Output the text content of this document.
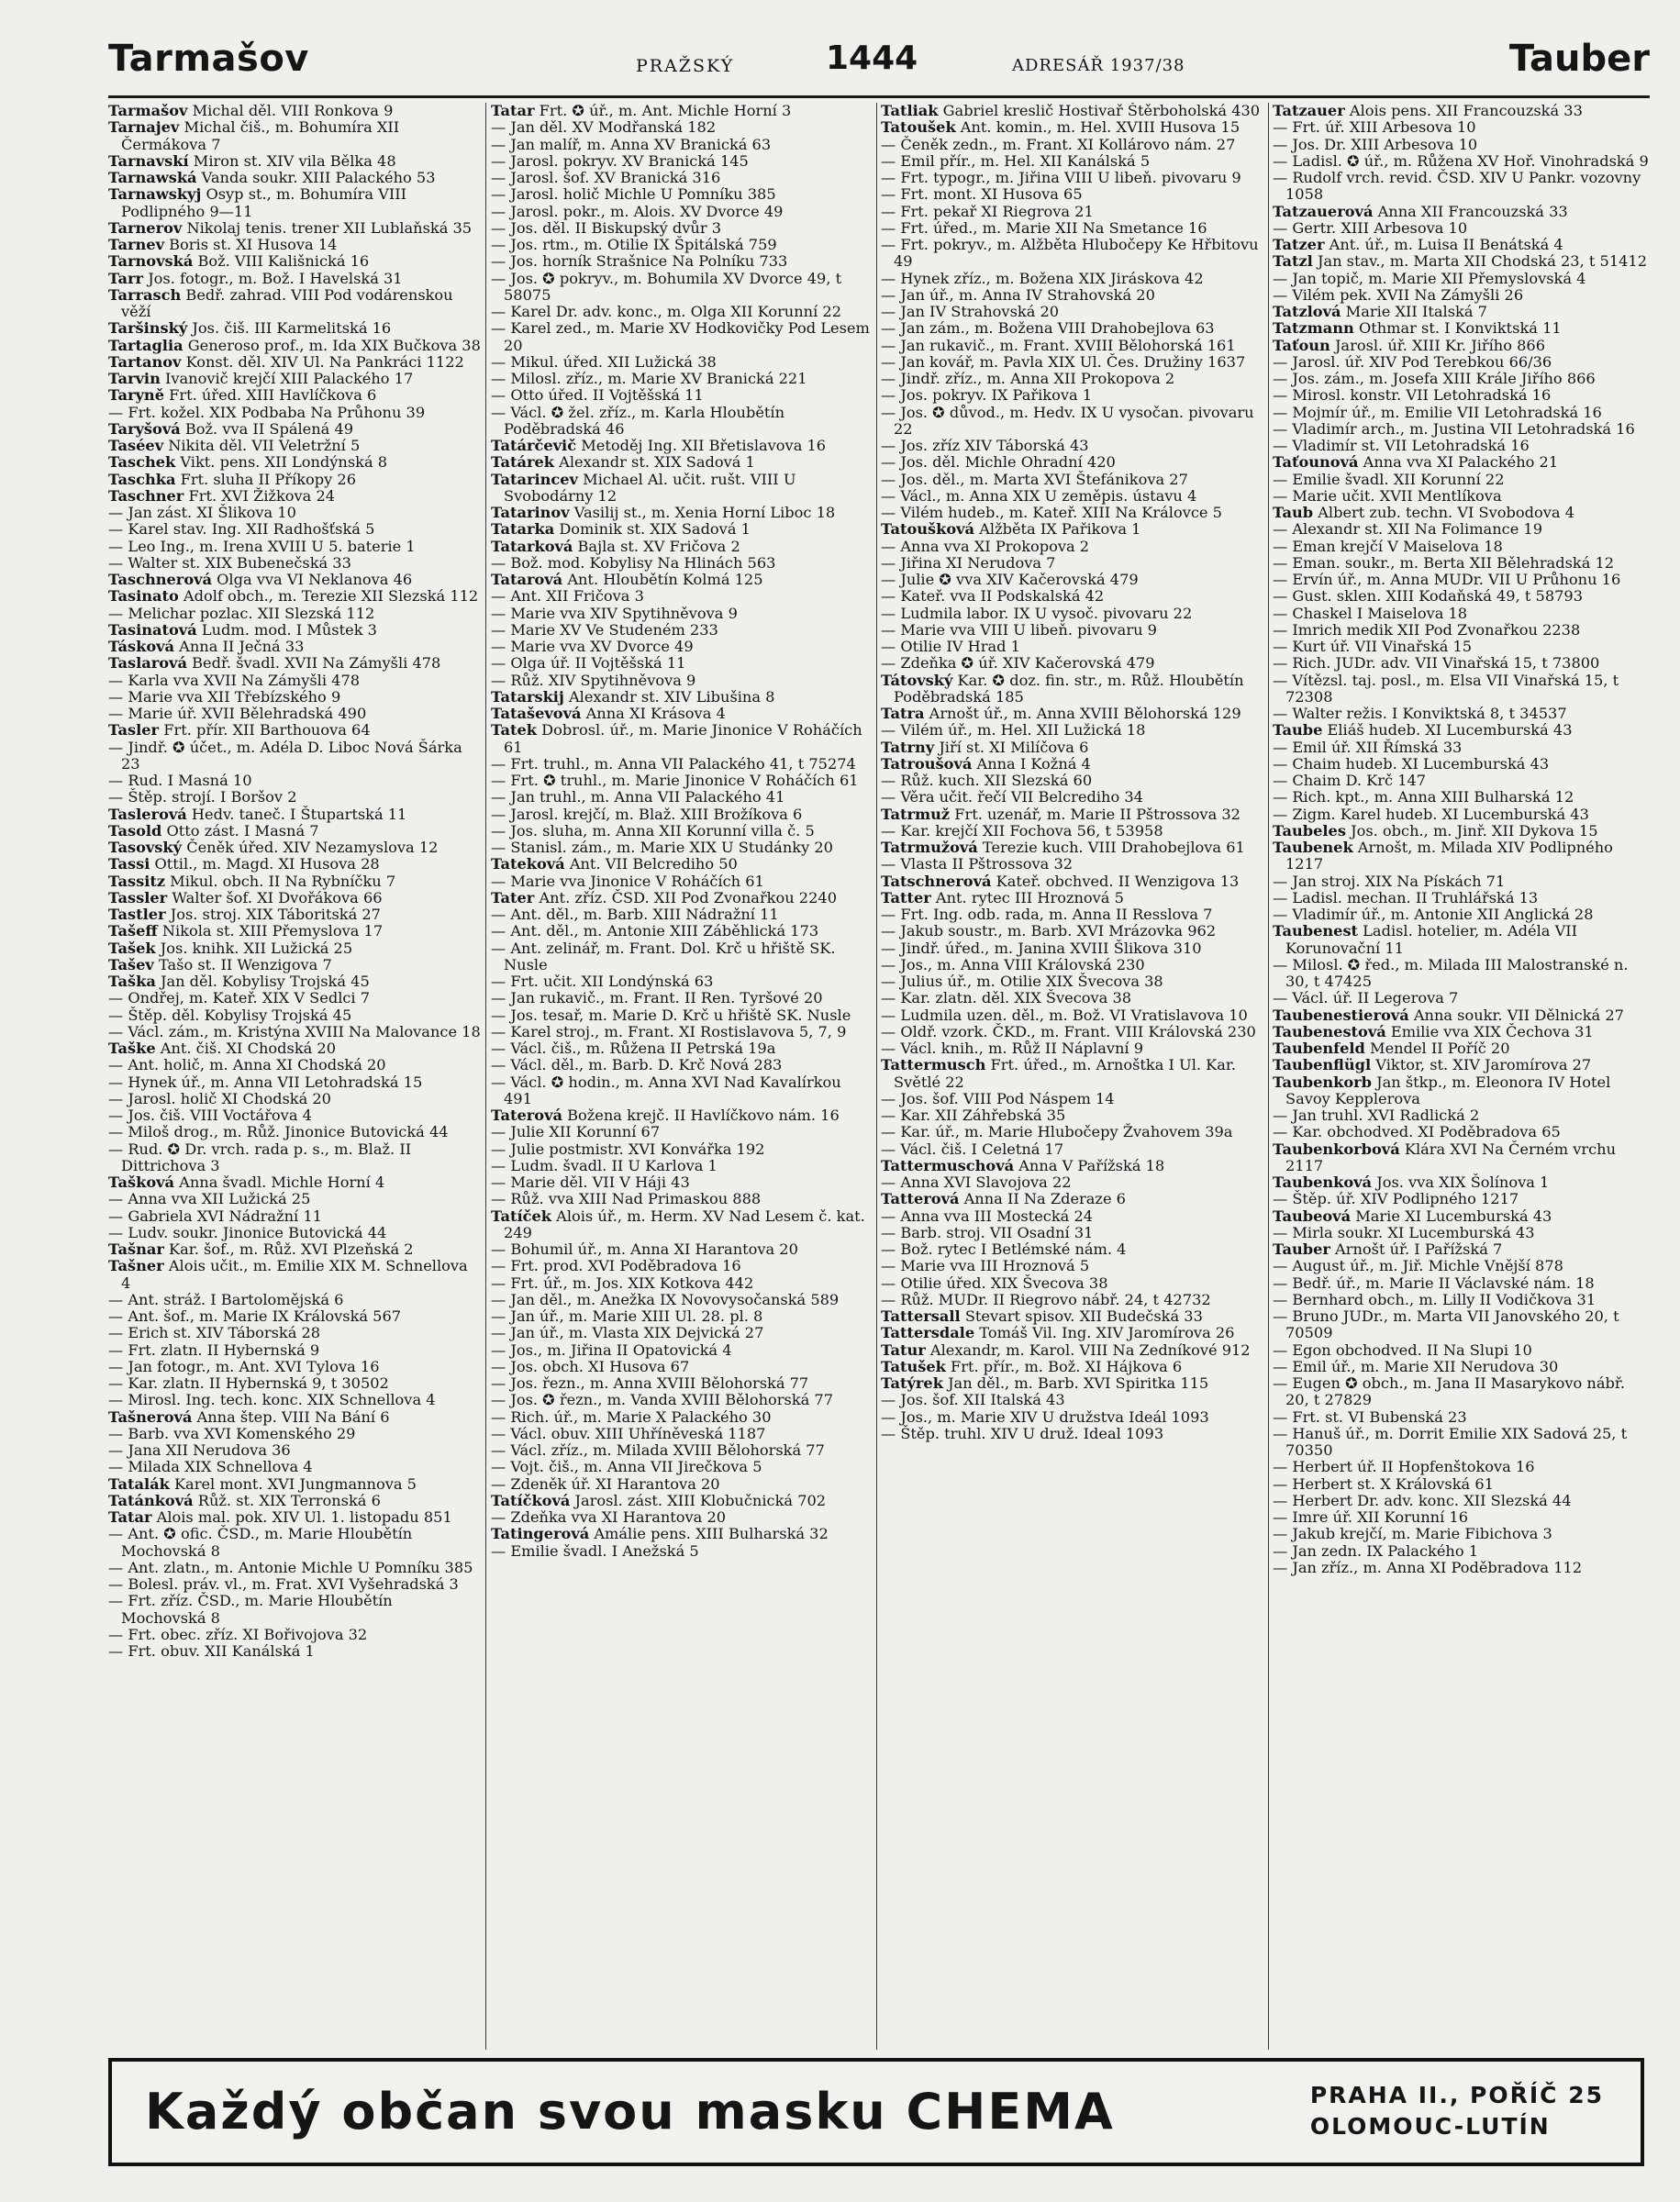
Tarmašov	PRAŽSKÝ	1444	ADRESÁŘ 1937/38	Tauber

Tarmašov Michal děl. VIII Ronkova 9

Tarnajev Michal čiš., m. Bohumíra XII Čermákova 7

Tarnavskí Miron st. XIV vila Bělka 48

Tarnawská Vanda soukr. XIII Palackého 53

Tarnawskyj Osyp st., m. Bohumíra VIII Podlipného 9—11

Tarnerov Nikolaj tenis. trener XII Lublaňská 35

Tarnev Boris st. XI Husova 14

Tarnovská Bož. VIII Kališnická 16

Tarr Jos. fotogr., m. Bož. I Havelská 31

Tarrasch Bedř. zahrad. VIII Pod vodárenskou věží

Taršinský Jos. čiš. III Karmelitská 16

Tartaglia Generoso prof., m. Ida XIX Bučkova 38

Tartanov Konst. děl. XIV Ul. Na Pankráci 1122

Tarvin Ivanovič krejčí XIII Palackého 17

Taryně Frt. úřed. XIII Havlíčkova 6

— Frt. kožel. XIX Podbaba Na Průhonu 39

Taryšová Bož. vva II Spálená 49

Taséev Nikita děl. VII Veletržní 5

Taschek Vikt. pens. XII Londýnská 8

Taschka Frt. sluha II Příkopy 26

Taschner Frt. XVI Žižkova 24

— Jan zást. XI Šlikova 10

— Karel stav. Ing. XII Radhošťská 5

— Leo Ing., m. Irena XVIII U 5. baterie 1

— Walter st. XIX Bubenečská 33

Taschnerová Olga vva VI Neklanova 46

Tasinato Adolf obch., m. Terezie XII Slezská 112

— Melichar pozlac. XII Slezská 112

Tasinatová Ludm. mod. I Můstek 3

Tásková Anna II Ječná 33

Taslarová Bedř. švadl. XVII Na Zámyšli 478

— Karla vva XVII Na Zámyšli 478

— Marie vva XII Třebízského 9

— Marie úř. XVII Bělehradská 490

Tasler Frt. přír. XII Barthouova 64

— Jindř. ✪ účet., m. Adéla D. Liboc Nová Šárka 23

— Rud. I Masná 10

— Štěp. strojí. I Boršov 2

Taslerová Hedv. taneč. I Štupartská 11

Tasold Otto zást. I Masná 7

Tasovský Čeněk úřed. XIV Nezamyslova 12

Tassi Ottil., m. Magd. XI Husova 28

Tassitz Mikul. obch. II Na Rybníčku 7

Tassler Walter šof. XI Dvořákova 66

Tastler Jos. stroj. XIX Táboritská 27

Tašeff Nikola st. XIII Přemyslova 17

Tašek Jos. knihk. XII Lužická 25

Tašev Tašo st. II Wenzigova 7

Taška Jan děl. Kobylisy Trojská 45

— Ondřej, m. Kateř. XIX V Sedlci 7

— Štěp. děl. Kobylisy Trojská 45

— Václ. zám., m. Kristýna XVIII Na Malovance 18

Taške Ant. čiš. XI Chodská 20

— Ant. holič, m. Anna XI Chodská 20

— Hynek úř., m. Anna VII Letohradská 15

— Jarosl. holič XI Chodská 20

— Jos. čiš. VIII Voctářova 4

— Miloš drog., m. Růž. Jinonice Butovická 44

— Rud. ✪ Dr. vrch. rada p. s., m. Blaž. II Dittrichova 3

Tašková Anna švadl. Michle Horní 4

— Anna vva XII Lužická 25

— Gabriela XVI Nádražní 11

— Ludv. soukr. Jinonice Butovická 44

Tašnar Kar. šof., m. Růž. XVI Plzeňská 2

Tašner Alois učit., m. Emilie XIX M. Schnellova 4

— Ant. stráž. I Bartolomějská 6

— Ant. šof., m. Marie IX Královská 567

— Erich st. XIV Táborská 28

— Frt. zlatn. II Hybernská 9

— Jan fotogr., m. Ant. XVI Tylova 16

— Kar. zlatn. II Hybernská 9, t 30502

— Mirosl. Ing. tech. konc. XIX Schnellova 4

Tašnerová Anna štep. VIII Na Bání 6

— Barb. vva XVI Komenského 29

— Jana XII Nerudova 36

— Milada XIX Schnellova 4

Tatalák Karel mont. XVI Jungmannova 5

Tatánková Růž. st. XIX Terronská 6

Tatar Alois mal. pok. XIV Ul. 1. listopadu 851

— Ant. ✪ ofic. ČSD., m. Marie Hloubětín Mochovská 8

— Ant. zlatn., m. Antonie Michle U Pomníku 385

— Bolesl. práv. vl., m. Frat. XVI Vyšehradská 3

— Frt. zříz. ČSD., m. Marie Hloubětín Mochovská 8

— Frt. obec. zříz. XI Bořivojova 32

— Frt. obuv. XII Kanálská 1

Tatar Frt. ✪ úř., m. Ant. Michle Horní 3

— Jan děl. XV Modřanská 182

— Jan malíř, m. Anna XV Branická 63

— Jarosl. pokryv. XV Branická 145

— Jarosl. šof. XV Branická 316

— Jarosl. holič Michle U Pomníku 385

— Jarosl. pokr., m. Alois. XV Dvorce 49

— Jos. děl. II Biskupský dvůr 3

— Jos. rtm., m. Otilie IX Špitálská 759

— Jos. horník Strašnice Na Polníku 733

— Jos. ✪ pokryv., m. Bohumila XV Dvorce 49, t 58075

— Karel Dr. adv. konc., m. Olga XII Korunní 22

— Karel zed., m. Marie XV Hodkovičky Pod Lesem 20

— Mikul. úřed. XII Lužická 38

— Milosl. zříz., m. Marie XV Branická 221

— Otto úřed. II Vojtěšská 11

— Václ. ✪ žel. zříz., m. Karla Hloubětín Poděbradská 46

Tatárčevič Metoděj Ing. XII Břetislavova 16

Tatárek Alexandr st. XIX Sadová 1

Tatarincev Michael Al. učit. rušt. VIII U Svobodárny 12

Tatarinov Vasilij st., m. Xenia Horní Liboc 18

Tatarka Dominik st. XIX Sadová 1

Tatarková Bajla st. XV Fričova 2

— Bož. mod. Kobylisy Na Hlinách 563

Tatarová Ant. Hloubětín Kolmá 125

— Ant. XII Fričova 3

— Marie vva XIV Spytihněvova 9

— Marie XV Ve Studeném 233

— Marie vva XV Dvorce 49

— Olga úř. II Vojtěšská 11

— Růž. XIV Spytihněvova 9

Tatarskij Alexandr st. XIV Libušina 8

Tataševová Anna XI Krásova 4

Tatek Dobrosl. úř., m. Marie Jinonice V Roháčích 61

— Frt. truhl., m. Anna VII Palackého 41, t 75274

— Frt. ✪ truhl., m. Marie Jinonice V Roháčích 61

— Jan truhl., m. Anna VII Palackého 41

— Jarosl. krejčí, m. Blaž. XIII Brožíkova 6

— Jos. sluha, m. Anna XII Korunní villa č. 5

— Stanisl. zám., m. Marie XIX U Studánky 20

Tateková Ant. VII Belcrediho 50

— Marie vva Jinonice V Roháčích 61

Tater Ant. zříz. ČSD. XII Pod Zvonařkou 2240

— Ant. děl., m. Barb. XIII Nádražní 11

— Ant. děl., m. Antonie XIII Záběhlická 173

— Ant. zelinář, m. Frant. Dol. Krč u hřiště SK. Nusle

— Frt. učit. XII Londýnská 63

— Jan rukavič., m. Frant. II Ren. Tyršové 20

— Jos. tesař, m. Marie D. Krč u hřiště SK. Nusle

— Karel stroj., m. Frant. XI Rostislavova 5, 7, 9

— Václ. čiš., m. Růžena II Petrská 19a

— Václ. děl., m. Barb. D. Krč Nová 283

— Václ. ✪ hodin., m. Anna XVI Nad Kavalírkou 491

Taterová Božena krejč. II Havlíčkovo nám. 16

— Julie XII Korunní 67

— Julie postmistr. XVI Konvářka 192

— Ludm. švadl. II U Karlova 1

— Marie děl. VII V Háji 43

— Růž. vva XIII Nad Primaskou 888

Tatíček Alois úř., m. Herm. XV Nad Lesem č. kat. 249

— Bohumil úř., m. Anna XI Harantova 20

— Frt. prod. XVI Poděbradova 16

— Frt. úř., m. Jos. XIX Kotkova 442

— Jan děl., m. Anežka IX Novovysočanská 589

— Jan úř., m. Marie XIII Ul. 28. pl. 8

— Jan úř., m. Vlasta XIX Dejvická 27

— Jos., m. Jiřina II Opatovická 4

— Jos. obch. XI Husova 67

— Jos. řezn., m. Anna XVIII Bělohorská 77

— Jos. ✪ řezn., m. Vanda XVIII Bělohorská 77

— Rich. úř., m. Marie X Palackého 30

— Václ. obuv. XIII Uhříněveská 1187

— Václ. zříz., m. Milada XVIII Bělohorská 77

— Vojt. čiš., m. Anna VII Jirečkova 5

— Zdeněk úř. XI Harantova 20

Tatíčková Jarosl. zást. XIII Klobučnická 702

— Zdeňka vva XI Harantova 20

Tatingerová Amálie pens. XIII Bulharská 32

— Emilie švadl. I Anežská 5

Tatliak Gabriel kreslič Hostivař Štěrboholská 430

Tatoušek Ant. komin., m. Hel. XVIII Husova 15

— Čeněk zedn., m. Frant. XI Kollárovo nám. 27

— Emil přír., m. Hel. XII Kanálská 5

— Frt. typogr., m. Jiřina VIII U libeň. pivovaru 9

— Frt. mont. XI Husova 65

— Frt. pekař XI Riegrova 21

— Frt. úřed., m. Marie XII Na Smetance 16

— Frt. pokryv., m. Alžběta Hlubočepy Ke Hřbitovu 49

— Hynek zříz., m. Božena XIX Jiráskova 42

— Jan úř., m. Anna IV Strahovská 20

— Jan IV Strahovská 20

— Jan zám., m. Božena VIII Drahobejlova 63

— Jan rukavič., m. Frant. XVIII Bělohorská 161

— Jan kovář, m. Pavla XIX Ul. Čes. Družiny 1637

— Jindř. zříz., m. Anna XII Prokopova 2

— Jos. pokryv. IX Pařikova 1

— Jos. ✪ důvod., m. Hedv. IX U vysočan. pivovaru 22

— Jos. zříz XIV Táborská 43

— Jos. děl. Michle Ohradní 420

— Jos. děl., m. Marta XVI Štefánikova 27

— Václ., m. Anna XIX U zeměpis. ústavu 4

— Vilém hudeb., m. Kateř. XIII Na Královce 5

Tatoušková Alžběta IX Pařikova 1

— Anna vva XI Prokopova 2

— Jiřina XI Nerudova 7

— Julie ✪ vva XIV Kačerovská 479

— Kateř. vva II Podskalská 42

— Ludmila labor. IX U vysoč. pivovaru 22

— Marie vva VIII U libeň. pivovaru 9

— Otilie IV Hrad 1

— Zdeňka ✪ úř. XIV Kačerovská 479

Tátovský Kar. ✪ doz. fin. str., m. Růž. Hloubětín Poděbradská 185

Tatra Arnošt úř., m. Anna XVIII Bělohorská 129

— Vilém úř., m. Hel. XII Lužická 18

Tatrny Jiří st. XI Milíčova 6

Tatroušová Anna I Kožná 4

— Růž. kuch. XII Slezská 60

— Věra učit. řečí VII Belcrediho 34

Tatrmuž Frt. uzenář, m. Marie II Pštrossova 32

— Kar. krejčí XII Fochova 56, t 53958

Tatrmužová Terezie kuch. VIII Drahobejlova 61

— Vlasta II Pštrossova 32

Tatschnerová Kateř. obchved. II Wenzigova 13

Tatter Ant. rytec III Hroznová 5

— Frt. Ing. odb. rada, m. Anna II Resslova 7

— Jakub soustr., m. Barb. XVI Mrázovka 962

— Jindř. úřed., m. Janina XVIII Šlikova 310

— Jos., m. Anna VIII Královská 230

— Julius úř., m. Otilie XIX Švecova 38

— Kar. zlatn. děl. XIX Švecova 38

— Ludmila uzen. děl., m. Bož. VI Vratislavova 10

— Oldř. vzork. ČKD., m. Frant. VIII Královská 230

— Václ. knih., m. Růž II Náplavní 9

Tattermusch Frt. úřed., m. Arnoštka I Ul. Kar. Světlé 22

— Jos. šof. VIII Pod Náspem 14

— Kar. XII Záhřebská 35

— Kar. úř., m. Marie Hlubočepy Žvahovem 39a

— Václ. čiš. I Celetná 17

Tattermuschová Anna V Pařížská 18

— Anna XVI Slavojova 22

Tatterová Anna II Na Zderaze 6

— Anna vva III Mostecká 24

— Barb. stroj. VII Osadní 31

— Bož. rytec I Betlémské nám. 4

— Marie vva III Hroznová 5

— Otilie úřed. XIX Švecova 38

— Růž. MUDr. II Riegrovo nábř. 24, t 42732

Tattersall Stevart spisov. XII Budečská 33

Tattersdale Tomáš Vil. Ing. XIV Jaromírova 26

Tatur Alexandr, m. Karol. VIII Na Zedníkové 912

Tatušek Frt. přír., m. Bož. XI Hájkova 6

Tatýrek Jan děl., m. Barb. XVI Spiritka 115

— Jos. šof. XII Italská 43

— Jos., m. Marie XIV U družstva Ideál 1093

— Štěp. truhl. XIV U druž. Ideal 1093

Tatzauer Alois pens. XII Francouzská 33

— Frt. úř. XIII Arbesova 10

— Jos. Dr. XIII Arbesova 10

— Ladisl. ✪ úř., m. Růžena XV Hoř. Vinohradská 9

— Rudolf vrch. revid. ČSD. XIV U Pankr. vozovny 1058

Tatzauerová Anna XII Francouzská 33

— Gertr. XIII Arbesova 10

Tatzer Ant. úř., m. Luisa II Benátská 4

Tatzl Jan stav., m. Marta XII Chodská 23, t 51412

— Jan topič, m. Marie XII Přemyslovská 4

— Vilém pek. XVII Na Zámyšli 26

Tatzlová Marie XII Italská 7

Tatzmann Othmar st. I Konviktská 11

Taťoun Jarosl. úř. XIII Kr. Jiřího 866

— Jarosl. úř. XIV Pod Terebkou 66/36

— Jos. zám., m. Josefa XIII Krále Jiřího 866

— Mirosl. konstr. VII Letohradská 16

— Mojmír úř., m. Emilie VII Letohradská 16

— Vladimír arch., m. Justina VII Letohradská 16

— Vladimír st. VII Letohradská 16

Taťounová Anna vva XI Palackého 21

— Emilie švadl. XII Korunní 22

— Marie učit. XVII Mentlíkova

Taub Albert zub. techn. VI Svobodova 4

— Alexandr st. XII Na Folimance 19

— Eman krejčí V Maiselova 18

— Eman. soukr., m. Berta XII Bělehradská 12

— Ervín úř., m. Anna MUDr. VII U Průhonu 16

— Gust. sklen. XIII Kodaňská 49, t 58793

— Chaskel I Maiselova 18

— Imrich medik XII Pod Zvonařkou 2238

— Kurt úř. VII Vinařská 15

— Rich. JUDr. adv. VII Vinařská 15, t 73800

— Vítězsl. taj. posl., m. Elsa VII Vinařská 15, t 72308

— Walter režis. I Konviktská 8, t 34537

Taube Eliáš hudeb. XI Lucemburská 43

— Emil úř. XII Římská 33

— Chaim hudeb. XI Lucemburská 43

— Chaim D. Krč 147

— Rich. kpt., m. Anna XIII Bulharská 12

— Zigm. Karel hudeb. XI Lucemburská 43

Taubeles Jos. obch., m. Jinř. XII Dykova 15

Taubenek Arnošt, m. Milada XIV Podlipného 1217

— Jan stroj. XIX Na Pískách 71

— Ladisl. mechan. II Truhlářská 13

— Vladimír úř., m. Antonie XII Anglická 28

Taubenest Ladisl. hotelier, m. Adéla VII Korunovační 11

— Milosl. ✪ řed., m. Milada III Malostranské n. 30, t 47425

— Václ. úř. II Legerova 7

Taubenestierová Anna soukr. VII Dělnická 27

Taubenestová Emilie vva XIX Čechova 31

Taubenfeld Mendel II Poříč 20

Taubenflügl Viktor, st. XIV Jaromírova 27

Taubenkorb Jan štkp., m. Eleonora IV Hotel Savoy Kepplerova

— Jan truhl. XVI Radlická 2

— Kar. obchodved. XI Poděbradova 65

Taubenkorbová Klára XVI Na Černém vrchu 2117

Taubenková Jos. vva XIX Šolínova 1

— Štěp. úř. XIV Podlipného 1217

Taubeová Marie XI Lucemburská 43

— Mirla soukr. XI Lucemburská 43

Tauber Arnošt úř. I Pařížská 7

— August úř., m. Jiř. Michle Vnější 878

— Bedř. úř., m. Marie II Václavské nám. 18

— Bernhard obch., m. Lilly II Vodičkova 31

— Bruno JUDr., m. Marta VII Janovského 20, t 70509

— Egon obchodved. II Na Slupi 10

— Emil úř., m. Marie XII Nerudova 30

— Eugen ✪ obch., m. Jana II Masarykovo nábř. 20, t 27829

— Frt. st. VI Bubenská 23

— Hanuš úř., m. Dorrit Emilie XIX Sadová 25, t 70350

— Herbert úř. II Hopfenštokova 16

— Herbert st. X Královská 61

— Herbert Dr. adv. konc. XII Slezská 44

— Imre úř. XII Korunní 16

— Jakub krejčí, m. Marie Fibichova 3

— Jan zedn. IX Palackého 1

— Jan zříz., m. Anna XI Poděbradova 112

Každý občan svou masku CHEMA	PRAHA II., POŘÍČ 25
OLOMOUC-LUTÍN
